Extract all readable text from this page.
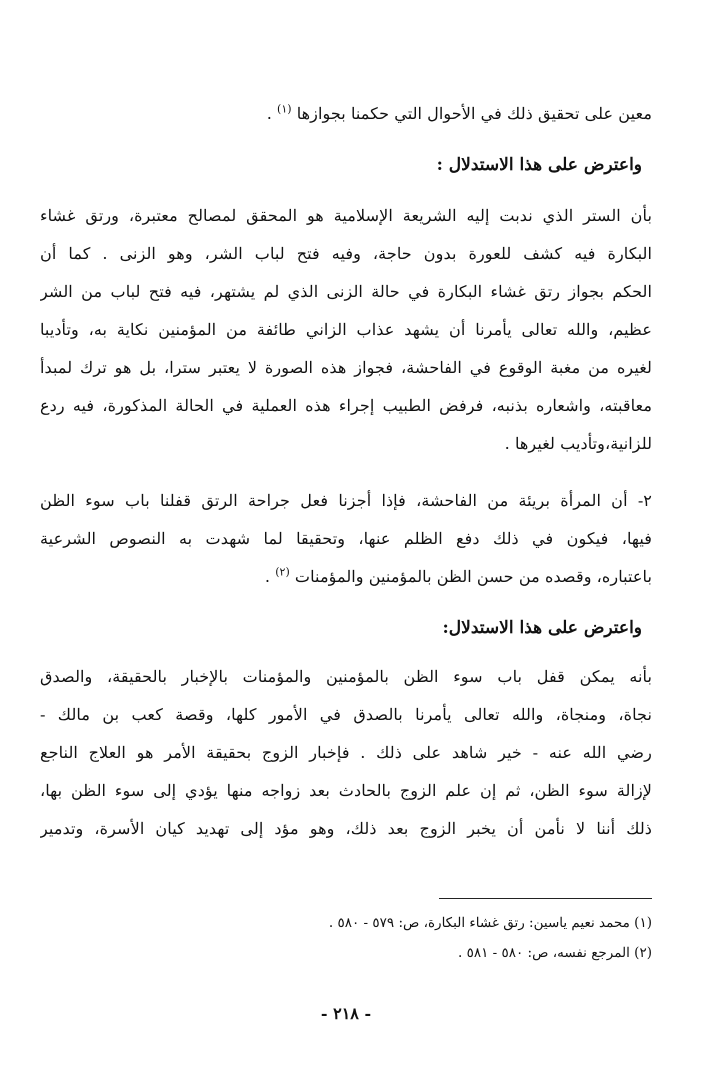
معين على تحقيق ذلك في الأحوال التي حكمنا بجوازها $^{(١)}$ .
واعترض على هذا الاستدلال :
بأن الستر الذي ندبت إليه الشريعة الإسلامية هو المحقق لمصالح معتبرة، ورتق غشاء
البكارة فيه كشف للعورة بدون حاجة، وفيه فتح لباب الشر، وهو الزنى . كما أن
الحكم بجواز رتق غشاء البكارة في حالة الزنى الذي لم يشتهر، فيه فتح لباب من الشر
عظيم، والله تعالى يأمرنا أن يشهد عذاب الزاني طائفة من المؤمنين نكاية به، وتأديبا
لغيره من مغبة الوقوع في الفاحشة، فجواز هذه الصورة لا يعتبر سترا، بل هو ترك لمبدأ
معاقبته، واشعاره بذنبه، فرفض الطبيب إجراء هذه العملية في الحالة المذكورة، فيه ردع
للزانية،وتأديب لغيرها .
٢- أن المرأة بريئة من الفاحشة، فإذا أجزنا فعل جراحة الرتق قفلنا باب سوء الظن
فيها، فيكون في ذلك دفع الظلم عنها، وتحقيقا لما شهدت به النصوص الشرعية
باعتباره، وقصده من حسن الظن بالمؤمنين والمؤمنات $^{(٢)}$ .
واعترض على هذا الاستدلال:
بأنه يمكن قفل باب سوء الظن بالمؤمنين والمؤمنات بالإخبار بالحقيقة، والصدق
نجاة، ومنجاة، والله تعالى يأمرنا بالصدق في الأمور كلها، وقصة كعب بن مالك -
رضي الله عنه - خير شاهد على ذلك . فإخبار الزوج بحقيقة الأمر هو العلاج الناجع
لإزالة سوء الظن، ثم إن علم الزوج بالحادث بعد زواجه منها يؤدي إلى سوء الظن بها،
ذلك أننا لا نأمن أن يخبر الزوج بعد ذلك، وهو مؤد إلى تهديد كيان الأسرة، وتدمير
(١) محمد نعيم ياسين: رتق غشاء البكارة، ص: ٥٧٩ - ٥٨٠ .
(٢) المرجع نفسه، ص: ٥٨٠ - ٥٨١ .
- ٢١٨ -
